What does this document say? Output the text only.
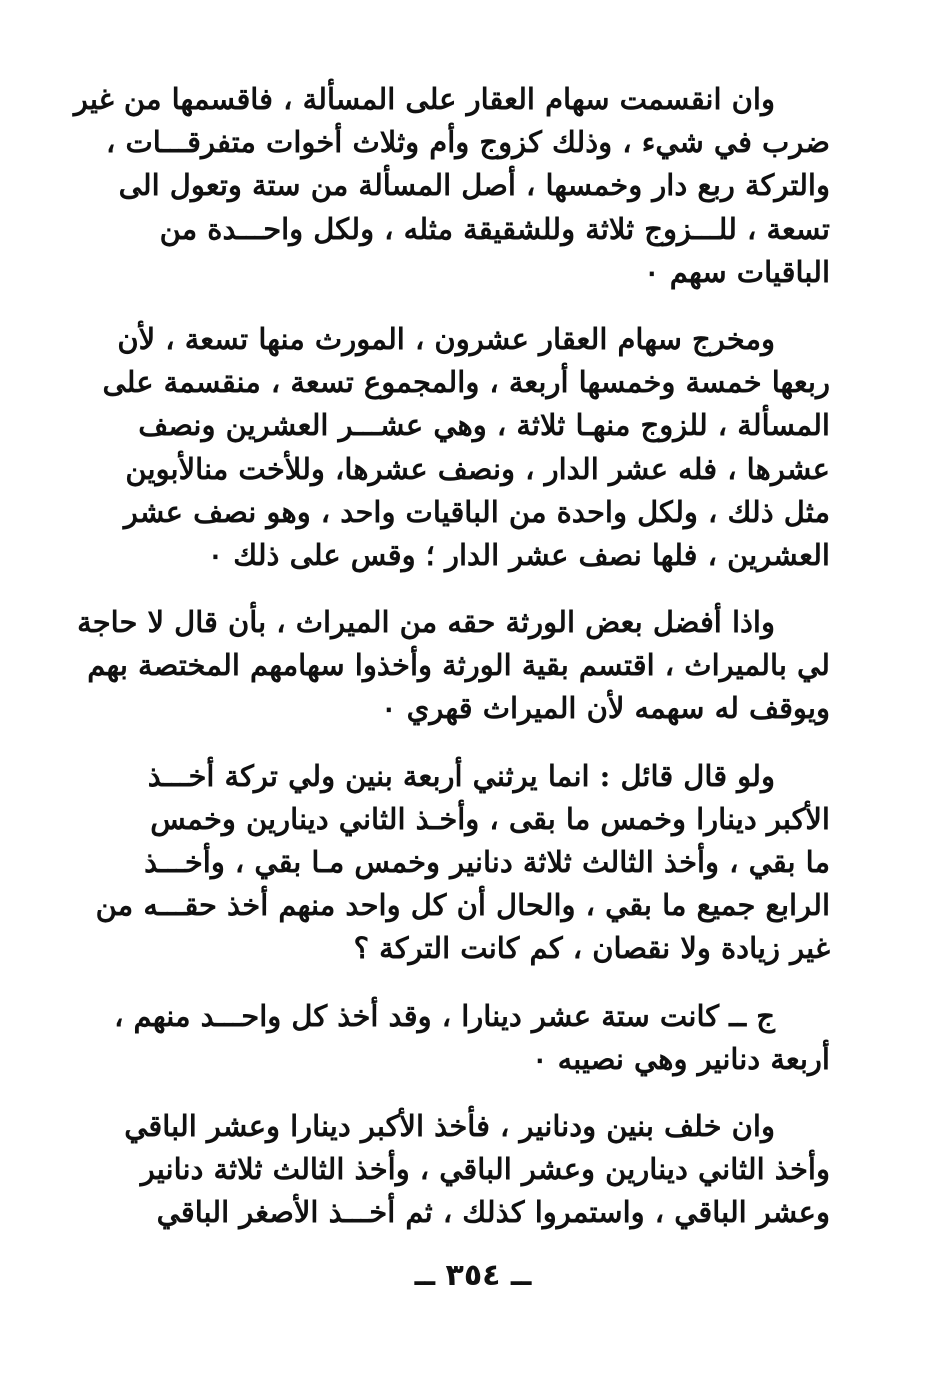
وان انقسمت سهام العقار على المسألة ، فاقسمها من غير
ضرب في شيء ، وذلك كزوج وأم وثلاث أخوات متفرقـــات ،
والتركة ربع دار وخمسها ، أصل المسألة من ستة وتعول الى
تسعة ، للـــزوج ثلاثة وللشقيقة مثله ، ولكل واحـــدة من
الباقيات سهم ٠
ومخرج سهام العقار عشرون ، المورث منها تسعة ، لأن
ربعها خمسة وخمسها أربعة ، والمجموع تسعة ، منقسمة على
المسألة ، للزوج منهـا ثلاثة ، وهي عشـــر العشرين ونصف
عشرها ، فله عشر الدار ، ونصف عشرها، وللأخت منالأبوين
مثل ذلك ، ولكل واحدة من الباقيات واحد ، وهو نصف عشر
العشرين ، فلها نصف عشر الدار ؛ وقس على ذلك ٠
واذا أفضل بعض الورثة حقه من الميراث ، بأن قال لا حاجة
لي بالميراث ، اقتسم بقية الورثة وأخذوا سهامهم المختصة بهم
ويوقف له سهمه لأن الميراث قهري ٠
ولو قال قائل : انما يرثني أربعة بنين ولي تركة أخـــذ
الأكبر دينارا وخمس ما بقى ، وأخـذ الثاني دينارين وخمس
ما بقي ، وأخذ الثالث ثلاثة دنانير وخمس مـا بقي ، وأخـــذ
الرابع جميع ما بقي ، والحال أن كل واحد منهم أخذ حقـــه من
غير زيادة ولا نقصان ، كم كانت التركة ؟
ج ــ كانت ستة عشر دينارا ، وقد أخذ كل واحـــد منهم ،
أربعة دنانير وهي نصيبه ٠
وان خلف بنين ودنانير ، فأخذ الأكبر دينارا وعشر الباقي
وأخذ الثاني دينارين وعشر الباقي ، وأخذ الثالث ثلاثة دنانير
وعشر الباقي ، واستمروا كذلك ، ثم أخـــذ الأصغر الباقي
ــ ٣٥٤ ــ
